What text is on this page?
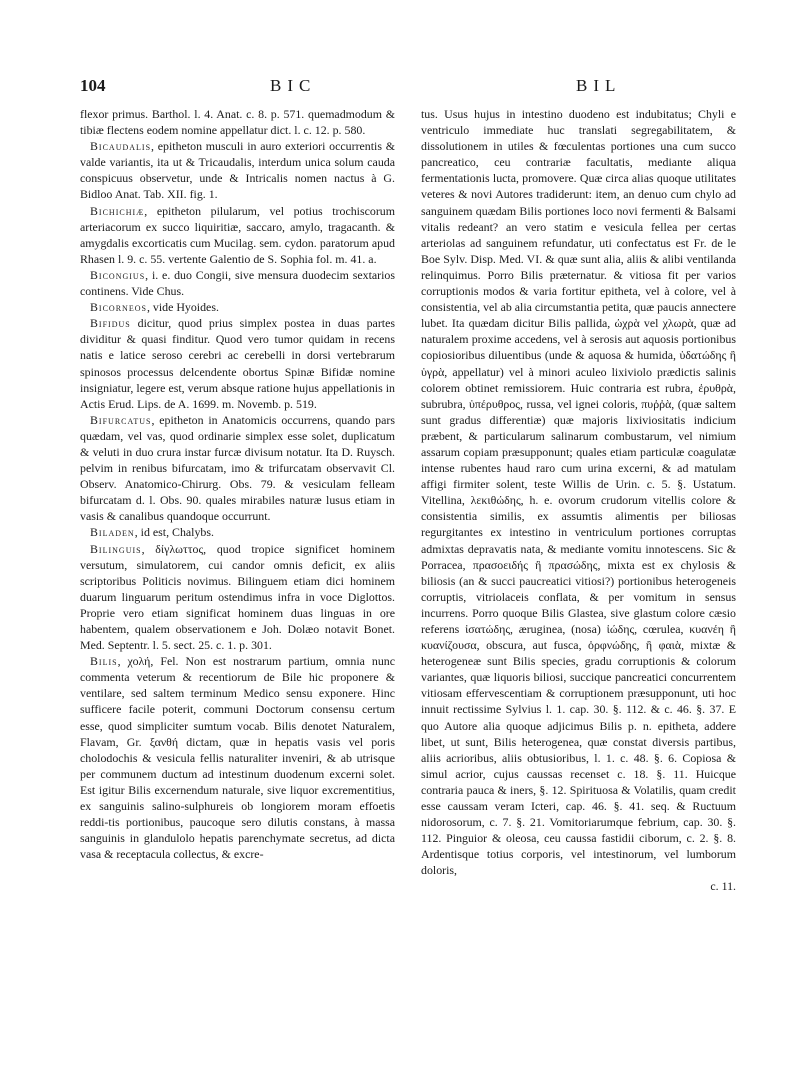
104	BIC	BIL

flexor primus. Barthol. l. 4. Anat. c. 8. p. 571. quemadmodum & tibiæ flectens eodem nomine appellatur dict. l. c. 12. p. 580.

Bicaudalis, epitheton musculi in auro exteriori occurrentis & valde variantis, ita ut & Tricaudalis, interdum unica solum cauda conspicuus observetur, unde & Intricalis nomen nactus à G. Bidloo Anat. Tab. XII. fig. 1.

Bichichiæ, epitheton pilularum, vel potius trochiscorum arteriacorum ex succo liquiritiæ, saccaro, amylo, tragacanth. & amygdalis excorticatis cum Mucilag. sem. cydon. paratorum apud Rhasen l. 9. c. 55. vertente Galentio de S. Sophia fol. m. 41. a.

Bicongius, i. e. duo Congii, sive mensura duodecim sextarios continens. Vide Chus.

Bicorneos, vide Hyoides.

Bifidus dicitur, quod prius simplex postea in duas partes dividitur & quasi finditur. Quod vero tumor quidam in recens natis e latice seroso cerebri ac cerebelli in dorsi vertebrarum spinosos processus delcendente obortus Spinæ Bifidæ nomine insigniatur, legere est, verum absque ratione hujus appellationis in Actis Erud. Lips. de A. 1699. m. Novemb. p. 519.

Bifurcatus, epitheton in Anatomicis occurrens, quando pars quædam, vel vas, quod ordinarie simplex esse solet, duplicatum & veluti in duo crura instar furcæ divisum notatur. Ita D. Ruysch. pelvim in renibus bifurcatam, imo & trifurcatam observavit Cl. Observ. Anatomico-Chirurg. Obs. 79. & vesiculam felleam bifurcatam d. l. Obs. 90. quales mirabiles naturæ lusus etiam in vasis & canalibus quandoque occurrunt.

Biladen, id est, Chalybs.

Bilinguis, δίγλωττος, quod tropice significet hominem versutum, simulatorem, cui candor omnis deficit, ex aliis scriptoribus Politicis novimus. Bilinguem etiam dici hominem duarum linguarum peritum ostendimus infra in voce Diglottos. Proprie vero etiam significat hominem duas linguas in ore habentem, qualem observationem e Joh. Dolæo notavit Bonet. Med. Septentr. l. 5. sect. 25. c. 1. p. 301.

Bilis, χολή, Fel. Non est nostrarum partium, omnia nunc commenta veterum & recentiorum de Bile hic proponere & ventilare, sed saltem terminum Medico sensu exponere. Hinc sufficere facile poterit, communi Doctorum consensu certum esse, quod simpliciter sumtum vocab. Bilis denotet Naturalem, Flavam, Gr. ξανθή dictam, quæ in hepatis vasis vel poris cholodochis & vesicula fellis naturaliter inveniri, & ab utrisque per communem ductum ad intestinum duodenum excerni solet. Est igitur Bilis excernendum naturale, sive liquor excrementitius, ex sanguinis salino-sulphureis ob longiorem moram effoetis reddi-tis portionibus, paucoque sero dilutis constans, à massa sanguinis in glandulolo hepatis parenchymate secretus, ad dicta vasa & receptacula collectus, & excre-

tus. Usus hujus in intestino duodeno est indubitatus; Chyli e ventriculo immediate huc translati segregabilitatem, & dissolutionem in utiles & fœculentas portiones una cum succo pancreatico, ceu contrariæ facultatis, mediante aliqua fermentationis lucta, promovere. Quæ circa alias quoque utilitates veteres & novi Autores tradiderunt: item, an denuo cum chylo ad sanguinem quædam Bilis portiones loco novi fermenti & Balsami vitalis redeant? an vero statim e vesicula fellea per certas arteriolas ad sanguinem refundatur, uti confectatus est Fr. de le Boe Sylv. Disp. Med. VI. & quæ sunt alia, aliis & alibi ventilanda relinquimus. Porro Bilis præternatur. & vitiosa fit per varios corruptionis modos & varia fortitur epitheta, vel à colore, vel à consistentia, vel ab alia circumstantia petita, quæ paucis annectere lubet. Ita quædam dicitur Bilis pallida, ὠχρὰ vel χλωρὰ, quæ ad naturalem proxime accedens, vel à serosis aut aquosis portionibus copiosioribus diluentibus (unde & aquosa & humida, ὑδατώδης ἢ ὑγρὰ, appellatur) vel à minori aculeo lixiviolo prædictis salinis colorem obtinet remissiorem. Huic contraria est rubra, ἐρυθρὰ, subrubra, ὑπέρυθρος, russa, vel ignei coloris, πυῤῥὰ, (quæ saltem sunt gradus differentiæ) quæ majoris lixiviositatis indicium præbent, & particularum salinarum combustarum, vel nimium assarum copiam præsupponunt; quales etiam particulæ coagulatæ intense rubentes haud raro cum urina excerni, & ad matulam affigi firmiter solent, teste Willis de Urin. c. 5. §. Ustatum. Vitellina, λεκιθώδης, h. e. ovorum crudorum vitellis colore & consistentia similis, ex assumtis alimentis per biliosas regurgitantes ex intestino in ventriculum portiones corruptas admixtas depravatis nata, & mediante vomitu innotescens. Sic & Porracea, πρασοειδής ἢ πρασώδης, mixta est ex chylosis & biliosis (an & succi paucreatici vitiosi?) portionibus heterogeneis corruptis, vitriolaceis conflata, & per vomitum in sensus incurrens. Porro quoque Bilis Glastea, sive glastum colore cæsio referens ἰσατώδης, æruginea, (nosa) ἰώδης, cœrulea, κυανέη ἢ κυανίζουσα, obscura, aut fusca, ὀρφνώδης, ἢ φαιὰ, mixtæ & heterogeneæ sunt Bilis species, gradu corruptionis & colorum variantes, quæ liquoris biliosi, succique pancreatici concurrentem vitiosam effervescentiam & corruptionem præsupponunt, uti hoc innuit rectissime Sylvius l. 1. cap. 30. §. 112. & c. 46. §. 37. E quo Autore alia quoque adjicimus Bilis p. n. epitheta, addere libet, ut sunt, Bilis heterogenea, quæ constat diversis partibus, aliis acrioribus, aliis obtusioribus, l. 1. c. 48. §. 6. Copiosa & simul acrior, cujus caussas recenset c. 18. §. 11. Huicque contraria pauca & iners, §. 12. Spirituosa & Volatilis, quam credit esse caussam veram Icteri, cap. 46. §. 41. seq. & Ructuum nidorosorum, c. 7. §. 21. Vomitoriarumque febrium, cap. 30. §. 112. Pinguior & oleosa, ceu caussa fastidii ciborum, c. 2. §. 8. Ardentisque totius corporis, vel intestinorum, vel lumborum doloris,

c. 11.
